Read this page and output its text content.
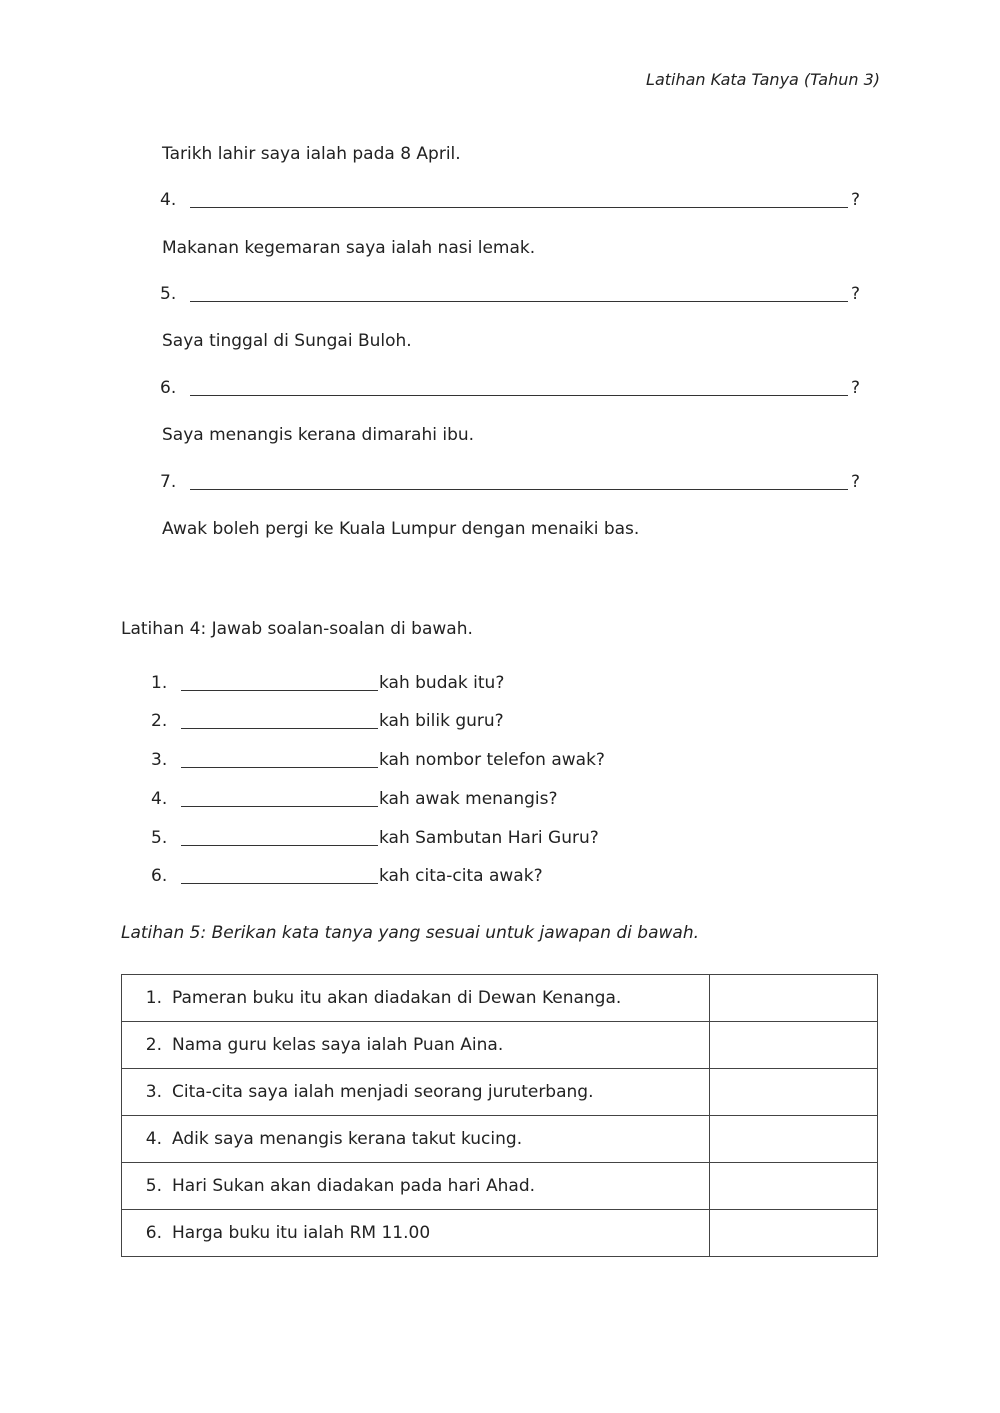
Latihan Kata Tanya (Tahun 3)
Tarikh lahir saya ialah pada 8 April.
4.	?
Makanan kegemaran saya ialah nasi lemak.
5.	?
Saya tinggal di Sungai Buloh.
6.	?
Saya menangis kerana dimarahi ibu.
7.	?
Awak boleh pergi ke Kuala Lumpur dengan menaiki bas.
Latihan 4: Jawab soalan-soalan di bawah.
1.	kah budak itu?
2.	kah bilik guru?
3.	kah nombor telefon awak?
4.	kah awak menangis?
5.	kah Sambutan Hari Guru?
6.	kah cita-cita awak?
Latihan 5: Berikan kata tanya yang sesuai untuk jawapan di bawah.
1. Pameran buku itu akan diadakan di Dewan Kenanga.	
2. Nama guru kelas saya ialah Puan Aina.	
3. Cita-cita saya ialah menjadi seorang juruterbang.	
4. Adik saya menangis kerana takut kucing.	
5. Hari Sukan akan diadakan pada hari Ahad.	
6. Harga buku itu ialah RM 11.00	
